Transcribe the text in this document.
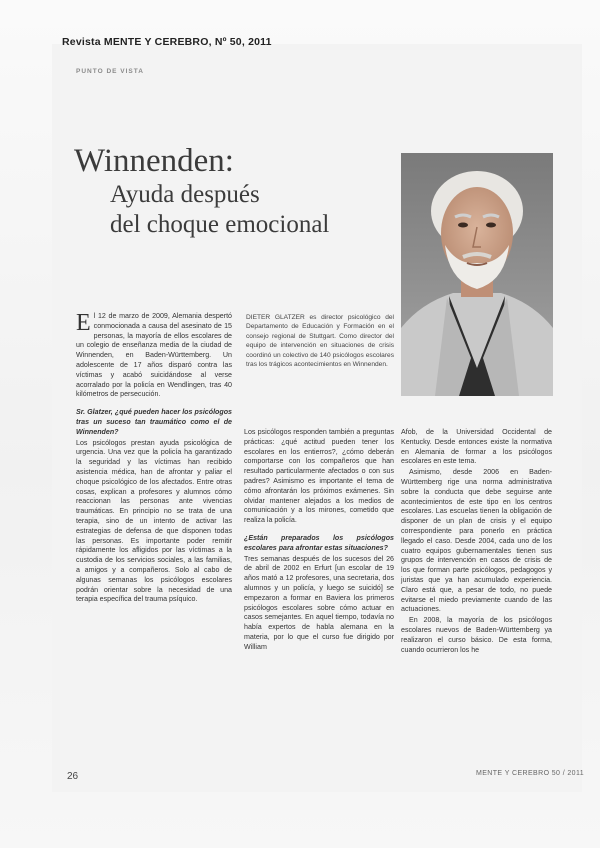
Revista MENTE Y CEREBRO, Nº 50, 2011
PUNTO DE VISTA
Winnenden:
Ayuda después
del choque emocional
DIETER GLATZER es director psicológico del Departamento de Educación y Formación en el consejo regional de Stuttgart. Como director del equipo de intervención en situaciones de crisis coordinó un colectivo de 140 psicólogos escolares tras los trágicos acontecimientos en Winnenden.

El 12 de marzo de 2009, Alemania despertó conmocionada a causa del asesinato de 15 personas, la mayoría de ellos escolares de un colegio de enseñanza media de la ciudad de Winnenden, en Baden-Württemberg. Un adolescente de 17 años disparó contra las víctimas y acabó suicidándose al verse acorralado por la policía en Wendlingen, tras 40 kilómetros de persecución.

Sr. Glatzer, ¿qué pueden hacer los psicólogos tras un suceso tan traumático como el de Winnenden?

Los psicólogos prestan ayuda psicológica de urgencia. Una vez que la policía ha garantizado la seguridad y las víctimas han recibido asistencia médica, han de afrontar y paliar el choque psicológico de los afectados. Entre otras cosas, explican a profesores y alumnos cómo reaccionan las personas ante vivencias traumáticas. En principio no se trata de una terapia, sino de un intento de activar las estrategias de defensa de que disponen todas las personas. Es importante poder remitir rápidamente los afligidos por las víctimas a la custodia de los servicios sociales, a las familias, a amigos y a compañeros. Solo al cabo de algunas semanas los psicólogos escolares podrán orientar sobre la necesidad de una terapia específica del trauma psíquico.

Los psicólogos responden también a preguntas prácticas: ¿qué actitud pueden tener los escolares en los entierros?, ¿cómo deberán comportarse con los compañeros que han resultado particularmente afectados o con sus padres? Asimismo es importante el tema de cómo afrontarán los próximos exámenes. Sin olvidar mantener alejados a los medios de comunicación y a los mirones, cometido que realiza la policía.

¿Están preparados los psicólogos escolares para afrontar estas situaciones?

Tres semanas después de los sucesos del 26 de abril de 2002 en Erfurt [un escolar de 19 años mató a 12 profesores, una secretaria, dos alumnos y un policía, y luego se suicidó] se empezaron a formar en Baviera los primeros psicólogos escolares sobre cómo actuar en casos semejantes. En aquel tiempo, todavía no había expertos de habla alemana en la materia, por lo que el curso fue dirigido por William

Afob, de la Universidad Occidental de Kentucky. Desde entonces existe la normativa en Alemania de formar a los psicólogos escolares en este tema.

Asimismo, desde 2006 en Baden-Württemberg rige una norma administrativa sobre la conducta que debe seguirse ante acontecimientos de este tipo en los centros escolares. Las escuelas tienen la obligación de disponer de un plan de crisis y el equipo correspondiente para ponerlo en práctica llegado el caso. Desde 2004, cada uno de los cuatro equipos gubernamentales tienen sus grupos de intervención en casos de crisis de los que forman parte psicólogos, pedagogos y juristas que ya han acumulado experiencia. Claro está que, a pesar de todo, no puede evitarse el miedo previamente cuando de las actuaciones.

En 2008, la mayoría de los psicólogos escolares nuevos de Baden-Württemberg ya realizaron el curso básico. De esta forma, cuando ocurrieron los he

26	MENTE Y CEREBRO 50 / 2011
